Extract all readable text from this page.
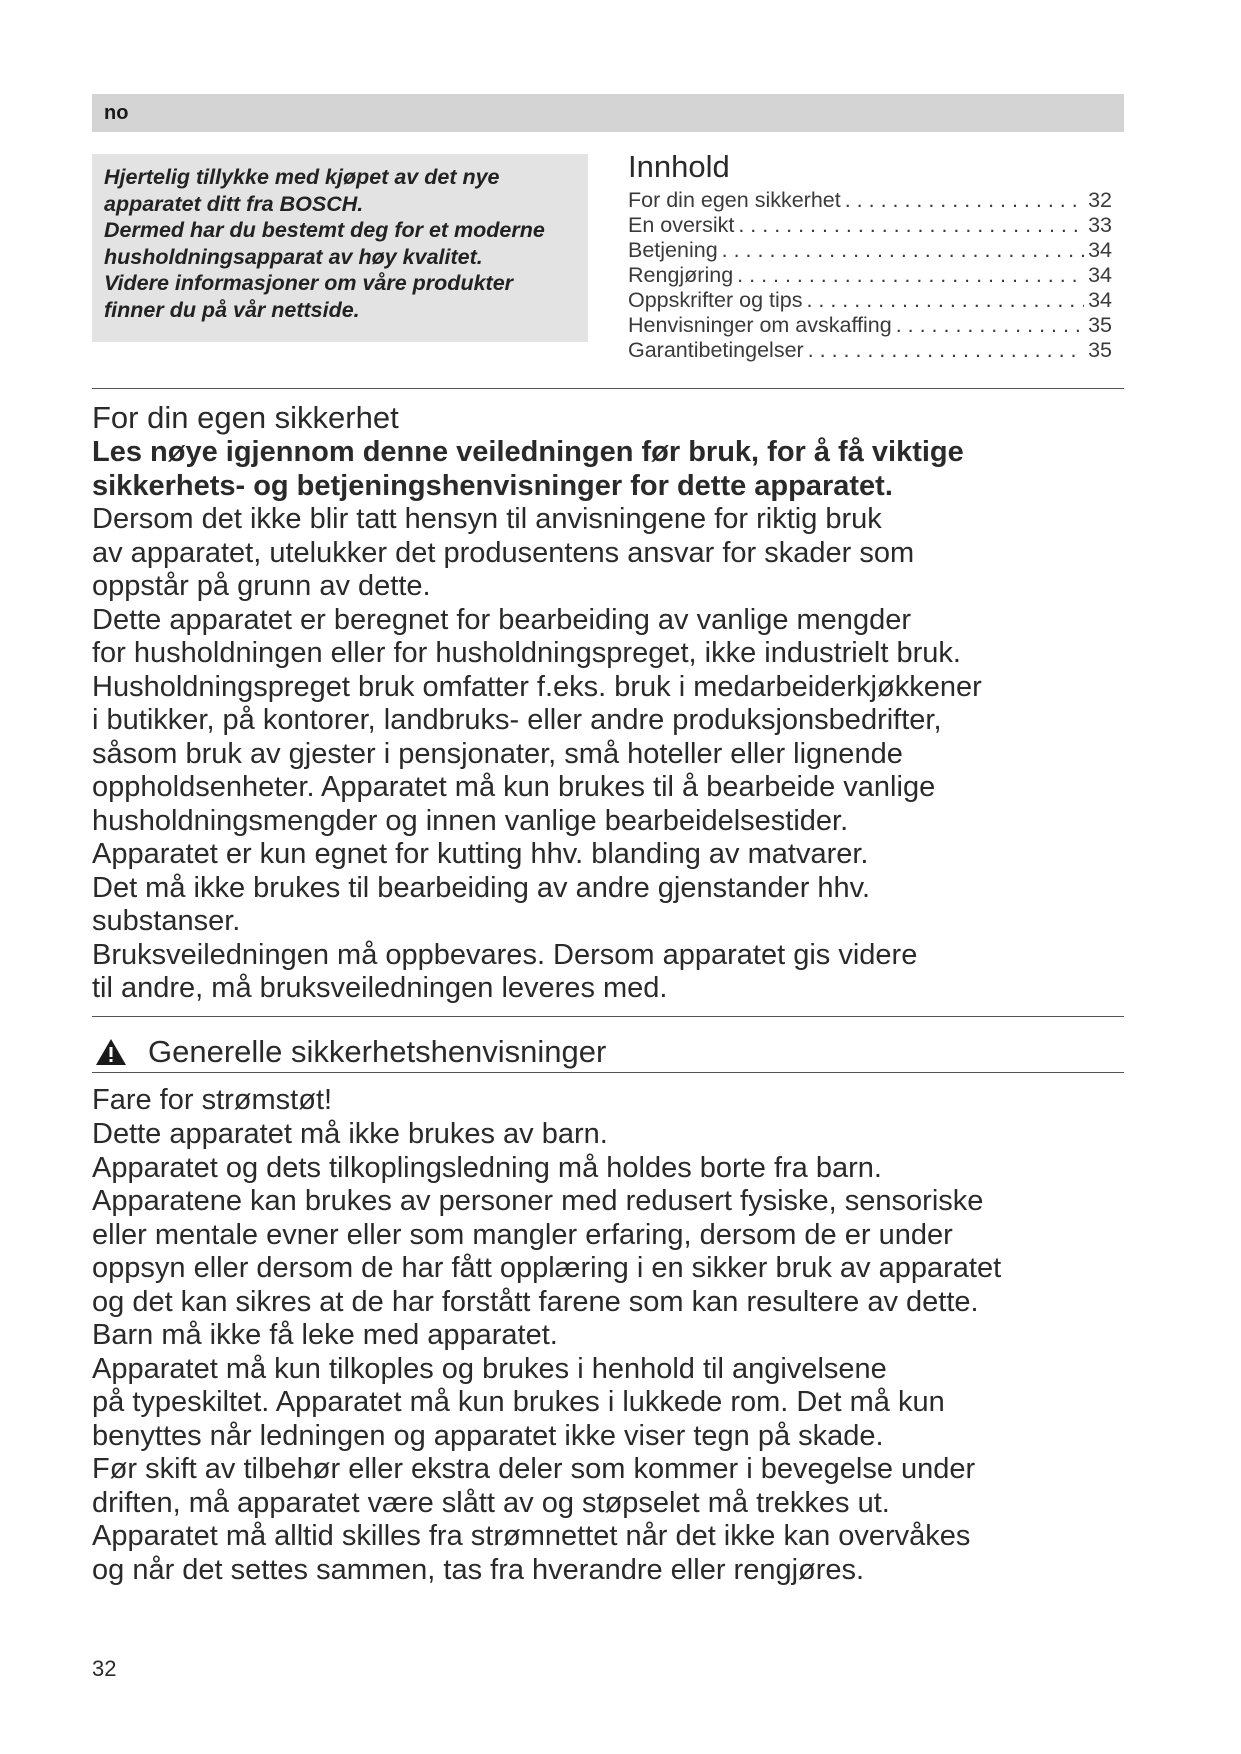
no
Hjertelig tillykke med kjøpet av det nye
apparatet ditt fra BOSCH.
Dermed har du bestemt deg for et moderne
husholdningsapparat av høy kvalitet.
Videre informasjoner om våre produkter
finner du på vår nettside.
Innhold
For din egen sikkerhet . . .	32
En oversikt . . .	33
Betjening . . .	34
Rengjøring . . .	34
Oppskrifter og tips . . .	34
Henvisninger om avskaffing . . .	35
Garantibetingelser . . .	35
For din egen sikkerhet
Les nøye igjennom denne veiledningen før bruk, for å få viktige
sikkerhets- og betjeningshenvisninger for dette apparatet.
Dersom det ikke blir tatt hensyn til anvisningene for riktig bruk
av apparatet, utelukker det produsentens ansvar for skader som
oppstår på grunn av dette.
Dette apparatet er beregnet for bearbeiding av vanlige mengder
for husholdningen eller for husholdningspreget, ikke industrielt bruk.
Husholdningspreget bruk omfatter f.eks. bruk i medarbeiderkjøkkener
i butikker, på kontorer, landbruks- eller andre produksjonsbedrifter,
såsom bruk av gjester i pensjonater, små hoteller eller lignende
oppholdsenheter. Apparatet må kun brukes til å bearbeide vanlige
husholdningsmengder og innen vanlige bearbeidelsestider.
Apparatet er kun egnet for kutting hhv. blanding av matvarer.
Det må ikke brukes til bearbeiding av andre gjenstander hhv.
substanser.
Bruksveiledningen må oppbevares. Dersom apparatet gis videre
til andre, må bruksveiledningen leveres med.
Generelle sikkerhetshenvisninger
Fare for strømstøt!
Dette apparatet må ikke brukes av barn.
Apparatet og dets tilkoplingsledning må holdes borte fra barn.
Apparatene kan brukes av personer med redusert fysiske, sensoriske
eller mentale evner eller som mangler erfaring, dersom de er under
oppsyn eller dersom de har fått opplæring i en sikker bruk av apparatet
og det kan sikres at de har forstått farene som kan resultere av dette.
Barn må ikke få leke med apparatet.
Apparatet må kun tilkoples og brukes i henhold til angivelsene
på typeskiltet. Apparatet må kun brukes i lukkede rom. Det må kun
benyttes når ledningen og apparatet ikke viser tegn på skade.
Før skift av tilbehør eller ekstra deler som kommer i bevegelse under
driften, må apparatet være slått av og støpselet må trekkes ut.
Apparatet må alltid skilles fra strømnettet når det ikke kan overvåkes
og når det settes sammen, tas fra hverandre eller rengjøres.
32
